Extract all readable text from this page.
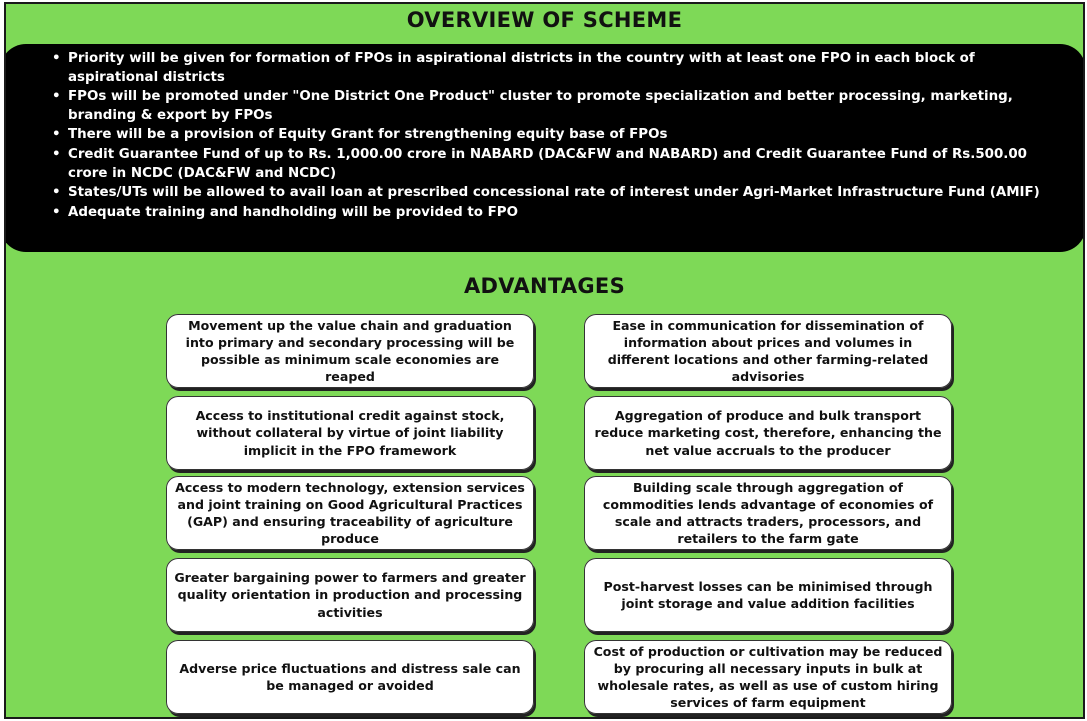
OVERVIEW OF SCHEME
• Priority will be given for formation of FPOs in aspirational districts in the country with at least one FPO in each block of aspirational districts
• FPOs will be promoted under "One District One Product" cluster to promote specialization and better processing, marketing, branding & export by FPOs
• There will be a provision of Equity Grant for strengthening equity base of FPOs
• Credit Guarantee Fund of up to Rs. 1,000.00 crore in NABARD (DAC&FW and NABARD) and Credit Guarantee Fund of Rs.500.00 crore in NCDC (DAC&FW and NCDC)
• States/UTs will be allowed to avail loan at prescribed concessional rate of interest under Agri-Market Infrastructure Fund (AMIF)
• Adequate training and handholding will be provided to FPO
ADVANTAGES
Movement up the value chain and graduation into primary and secondary processing will be possible as minimum scale economies are reaped
Access to institutional credit against stock, without collateral by virtue of joint liability implicit in the FPO framework
Access to modern technology, extension services and joint training on Good Agricultural Practices (GAP) and ensuring traceability of agriculture produce
Greater bargaining power to farmers and greater quality orientation in production and processing activities
Adverse price fluctuations and distress sale can be managed or avoided
Ease in communication for dissemination of information about prices and volumes in different locations and other farming-related advisories
Aggregation of produce and bulk transport reduce marketing cost, therefore, enhancing the net value accruals to the producer
Building scale through aggregation of commodities lends advantage of economies of scale and attracts traders, processors, and retailers to the farm gate
Post-harvest losses can be minimised through joint storage and value addition facilities
Cost of production or cultivation may be reduced by procuring all necessary inputs in bulk at wholesale rates, as well as use of custom hiring services of farm equipment
